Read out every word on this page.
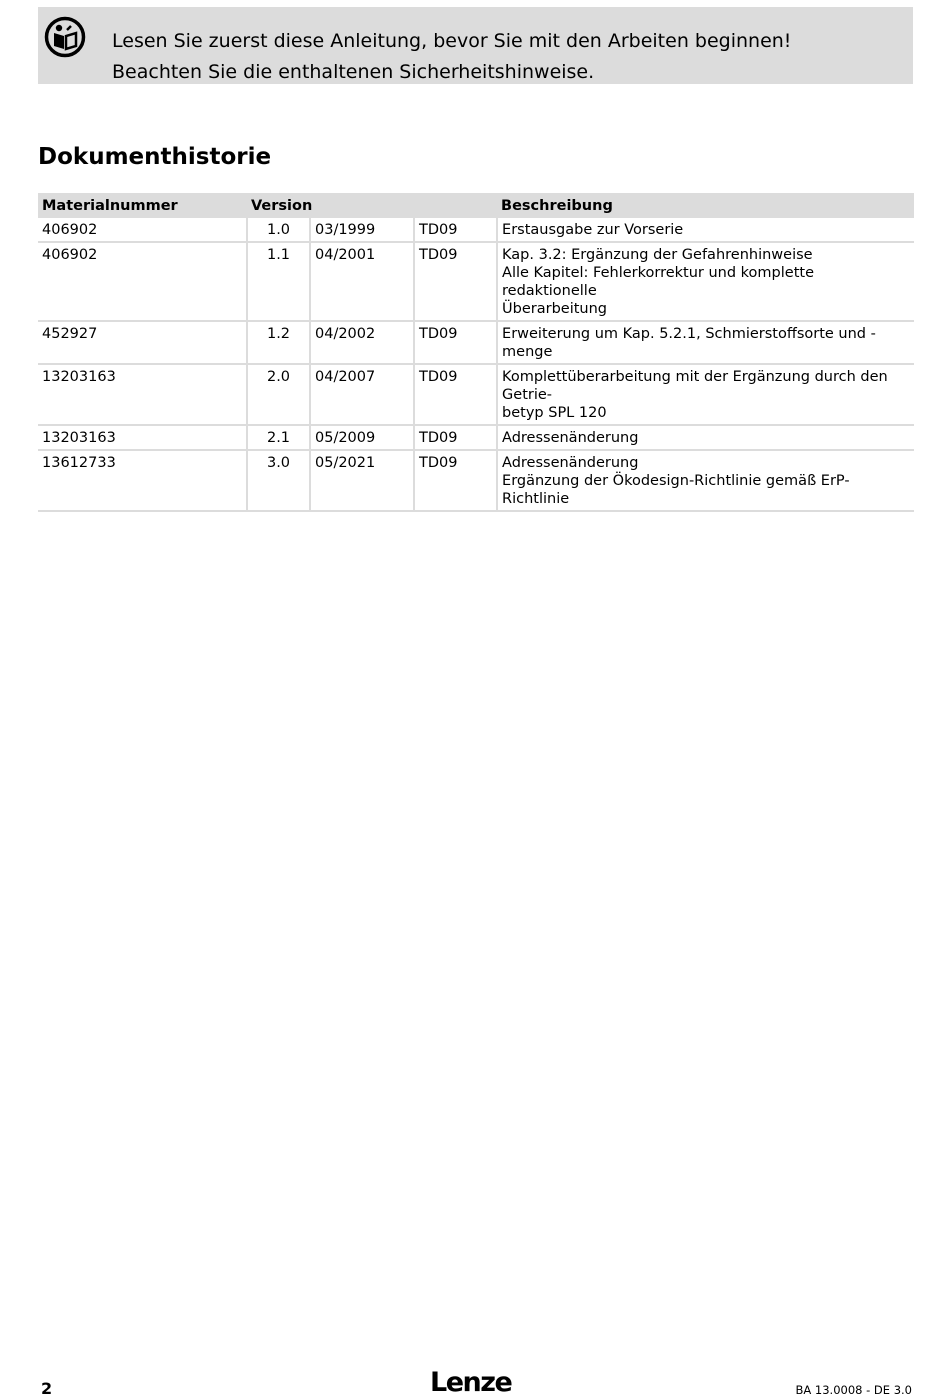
Lesen Sie zuerst diese Anleitung, bevor Sie mit den Arbeiten beginnen!
Beachten Sie die enthaltenen Sicherheitshinweise.
Dokumenthistorie
Materialnummer	Version			Beschreibung
406902	1.0	03/1999	TD09	Erstausgabe zur Vorserie

406902	1.1	04/2001	TD09	Kap. 3.2: Ergänzung der Gefahrenhinweise
Alle Kapitel: Fehlerkorrektur und komplette redaktionelle
Überarbeitung

452927	1.2	04/2002	TD09	Erweiterung um Kap. 5.2.1, Schmierstoffsorte und -menge

13203163	2.0	04/2007	TD09	Komplettüberarbeitung mit der Ergänzung durch den Getrie-
betyp SPL 120

13203163	2.1	05/2009	TD09	Adressenänderung

13612733	3.0	05/2021	TD09	Adressenänderung
Ergänzung der Ökodesign-Richtlinie gemäß ErP-Richtlinie
2	Lenze	BA 13.0008 - DE 3.0
